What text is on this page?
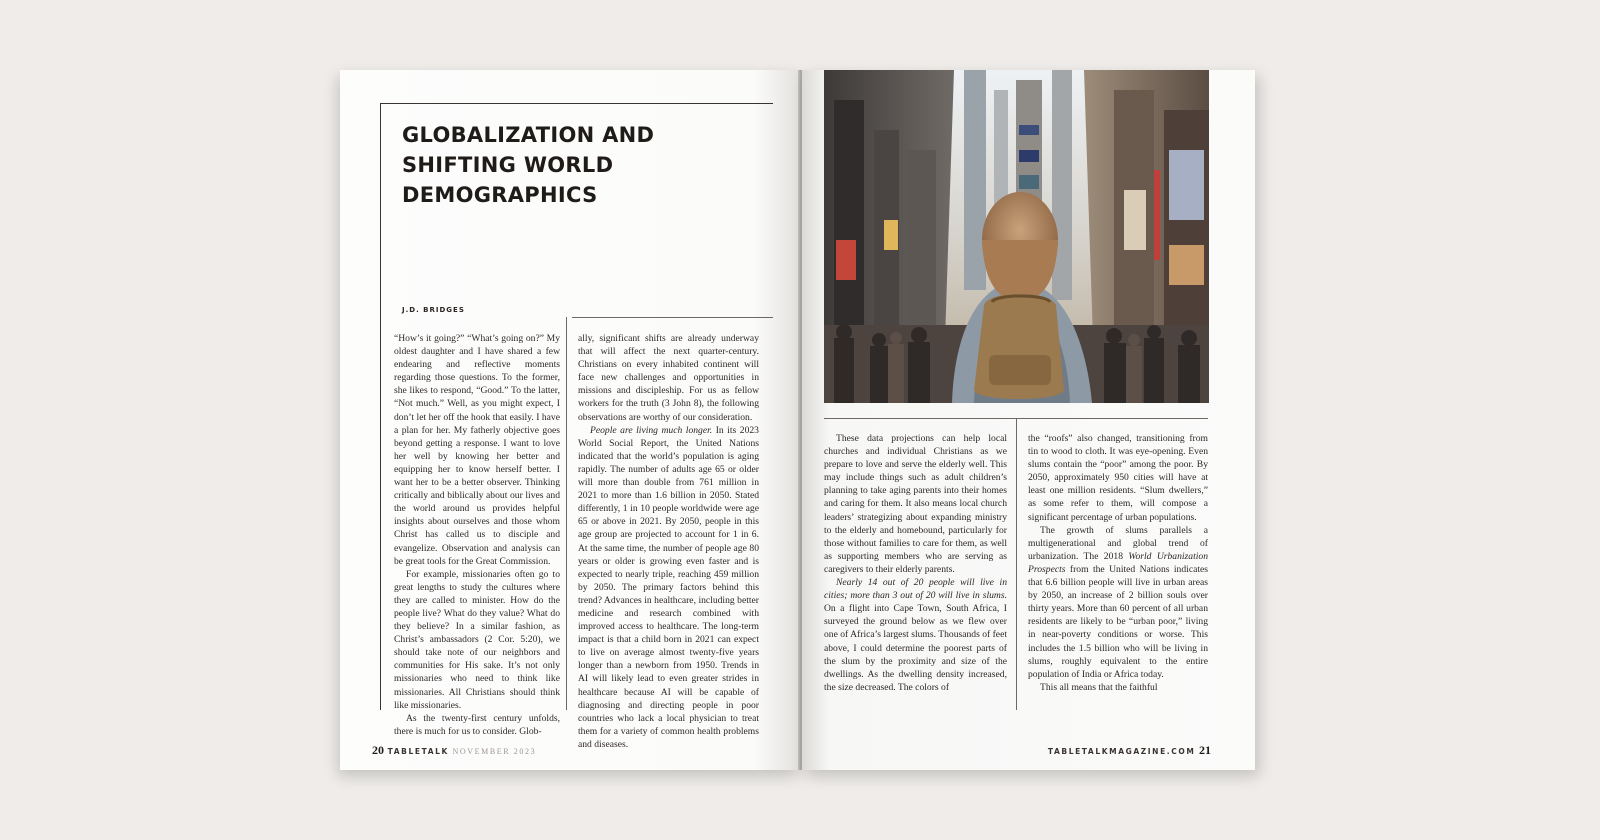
GLOBALIZATION AND
SHIFTING WORLD
DEMOGRAPHICS
J.D. BRIDGES

“How’s it going?” “What’s going on?” My oldest daughter and I have shared a few endearing and reflective moments regarding those questions. To the former, she likes to respond, “Good.” To the latter, “Not much.” Well, as you might expect, I don’t let her off the hook that easily. I have a plan for her. My fatherly objective goes beyond getting a response. I want to love her well by knowing her better and equipping her to know herself better. I want her to be a better observer. Thinking critically and biblically about our lives and the world around us provides helpful insights about ourselves and those whom Christ has called us to disciple and evangelize. Observation and analysis can be great tools for the Great Commission.

For example, missionaries often go to great lengths to study the cultures where they are called to minister. How do the people live? What do they value? What do they believe? In a similar fashion, as Christ’s ambassadors (2 Cor. 5:20), we should take note of our neighbors and communities for His sake. It’s not only missionaries who need to think like missionaries. All Christians should think like missionaries.

As the twenty-first century unfolds, there is much for us to consider. Glob-

ally, significant shifts are already underway that will affect the next quarter-century. Christians on every inhabited continent will face new challenges and opportunities in missions and discipleship. For us as fellow workers for the truth (3 John 8), the following observations are worthy of our consideration.

People are living much longer. In its 2023 World Social Report, the United Nations indicated that the world’s population is aging rapidly. The number of adults age 65 or older will more than double from 761 million in 2021 to more than 1.6 billion in 2050. Stated differently, 1 in 10 people worldwide were age 65 or above in 2021. By 2050, people in this age group are projected to account for 1 in 6. At the same time, the number of people age 80 years or older is growing even faster and is expected to nearly triple, reaching 459 million by 2050. The primary factors behind this trend? Advances in healthcare, including better medicine and research combined with improved access to healthcare. The long-term impact is that a child born in 2021 can expect to live on average almost twenty-five years longer than a newborn from 1950. Trends in AI will likely lead to even greater strides in healthcare because AI will be capable of diagnosing and directing people in poor countries who lack a local physician to treat them for a variety of common health problems and diseases.

20 TABLETALK NOVEMBER 2023

These data projections can help local churches and individual Christians as we prepare to love and serve the elderly well. This may include things such as adult children’s planning to take aging parents into their homes and caring for them. It also means local church leaders’ strategizing about expanding ministry to the elderly and homebound, particularly for those without families to care for them, as well as supporting members who are serving as caregivers to their elderly parents.

Nearly 14 out of 20 people will live in cities; more than 3 out of 20 will live in slums. On a flight into Cape Town, South Africa, I surveyed the ground below as we flew over one of Africa’s largest slums. Thousands of feet above, I could determine the poorest parts of the slum by the proximity and size of the dwellings. As the dwelling density increased, the size decreased. The colors of

the “roofs” also changed, transitioning from tin to wood to cloth. It was eye-opening. Even slums contain the “poor” among the poor. By 2050, approximately 950 cities will have at least one million residents. “Slum dwellers,” as some refer to them, will compose a significant percentage of urban populations.

The growth of slums parallels a multigenerational and global trend of urbanization. The 2018 World Urbanization Prospects from the United Nations indicates that 6.6 billion people will live in urban areas by 2050, an increase of 2 billion souls over thirty years. More than 60 percent of all urban residents are likely to be “urban poor,” living in near-poverty conditions or worse. This includes the 1.5 billion who will be living in slums, roughly equivalent to the entire population of India or Africa today.

This all means that the faithful

TABLETALKMAGAZINE.COM 21
